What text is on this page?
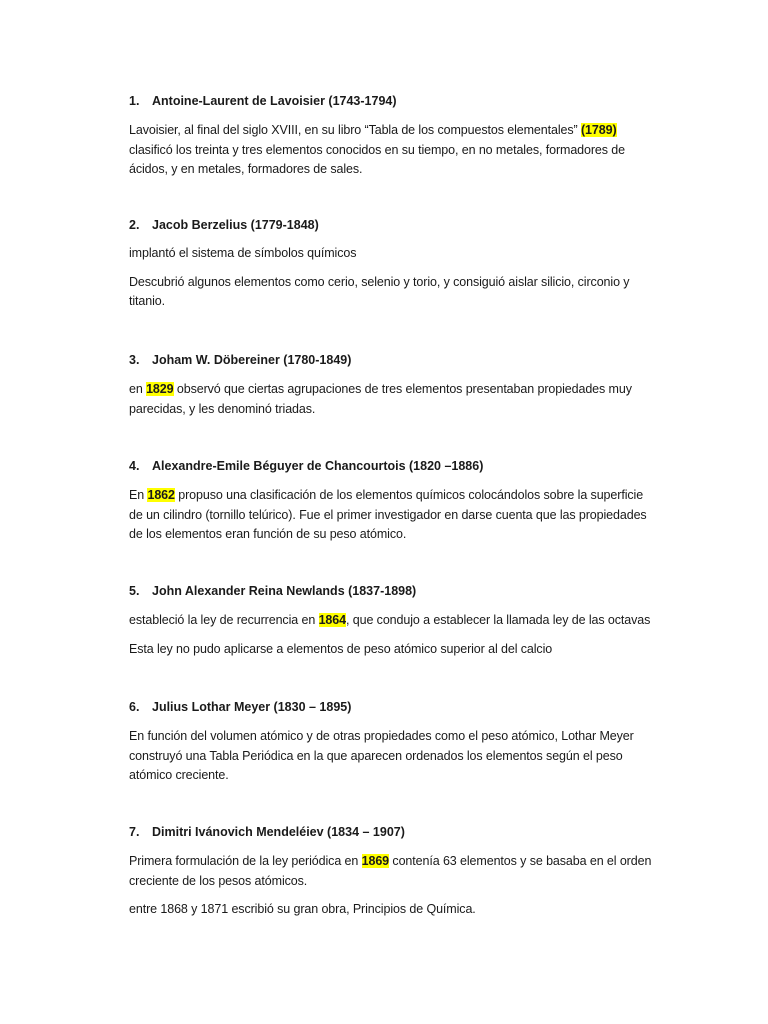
1. Antoine-Laurent de Lavoisier (1743-1794)

Lavoisier, al final del siglo XVIII, en su libro “Tabla de los compuestos elementales” (1789) clasificó los treinta y tres elementos conocidos en su tiempo, en no metales, formadores de ácidos, y en metales, formadores de sales.

2. Jacob Berzelius (1779-1848)

implantó el sistema de símbolos químicos

Descubrió algunos elementos como cerio, selenio y torio, y consiguió aislar silicio, circonio y titanio.

3. Joham W. Döbereiner (1780-1849)

en 1829 observó que ciertas agrupaciones de tres elementos presentaban propiedades muy parecidas, y les denominó triadas.

4. Alexandre-Emile Béguyer de Chancourtois (1820 –1886)

En 1862 propuso una clasificación de los elementos químicos colocándolos sobre la superficie de un cilindro (tornillo telúrico). Fue el primer investigador en darse cuenta que las propiedades de los elementos eran función de su peso atómico.

5. John Alexander Reina Newlands (1837-1898)

estableció la ley de recurrencia en 1864, que condujo a establecer la llamada ley de las octavas

Esta ley no pudo aplicarse a elementos de peso atómico superior al del calcio

6. Julius Lothar Meyer (1830 – 1895)

En función del volumen atómico y de otras propiedades como el peso atómico, Lothar Meyer construyó una Tabla Periódica en la que aparecen ordenados los elementos según el peso atómico creciente.

7. Dimitri Ivánovich Mendeléiev (1834 – 1907)

Primera formulación de la ley periódica en 1869 contenía 63 elementos y se basaba en el orden creciente de los pesos atómicos.

entre 1868 y 1871 escribió su gran obra, Principios de Química.
